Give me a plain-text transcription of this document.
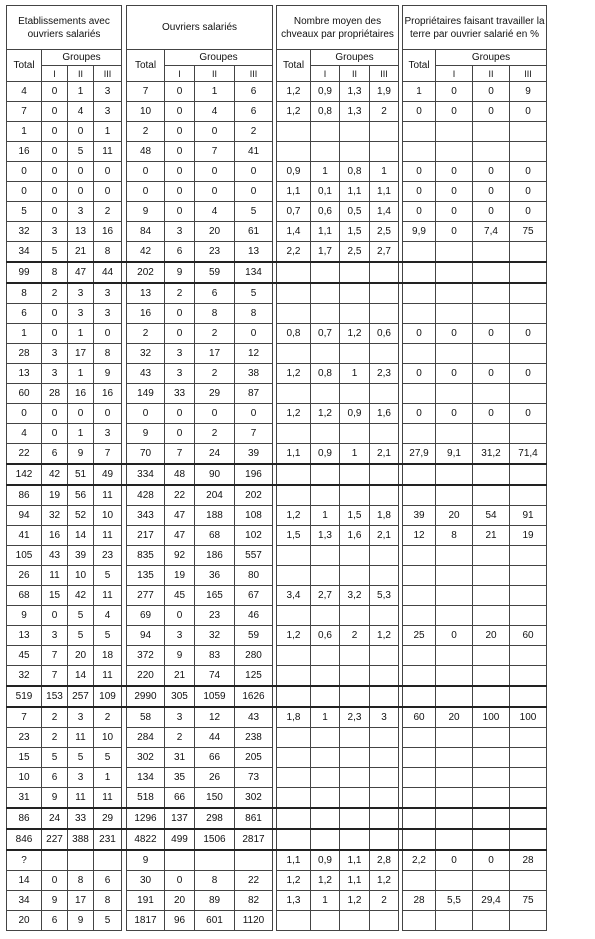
Etablissements avec ouvriers salariés					Ouvriers salariés					Nombre moyen des chveaux par propriétaires					Propriétaires faisant travailler la terre par ouvrier salarié en %			
Total	Groupes				Total	Groupes				Total	Groupes				Total	Groupes		
	I	II	III			I	II	III			I	II	III			I	II	III
4	0	1	3		7	0	1	6		1,2	0,9	1,3	1,9		1	0	0	9
7	0	4	3		10	0	4	6		1,2	0,8	1,3	2		0	0	0	0
1	0	0	1		2	0	0	2										
16	0	5	11		48	0	7	41										
0	0	0	0		0	0	0	0		0,9	1	0,8	1		0	0	0	0
0	0	0	0		0	0	0	0		1,1	0,1	1,1	1,1		0	0	0	0
5	0	3	2		9	0	4	5		0,7	0,6	0,5	1,4		0	0	0	0
32	3	13	16		84	3	20	61		1,4	1,1	1,5	2,5		9,9	0	7,4	75
34	5	21	8		42	6	23	13		2,2	1,7	2,5	2,7					
99	8	47	44		202	9	59	134										
8	2	3	3		13	2	6	5										
6	0	3	3		16	0	8	8										
1	0	1	0		2	0	2	0		0,8	0,7	1,2	0,6		0	0	0	0
28	3	17	8		32	3	17	12										
13	3	1	9		43	3	2	38		1,2	0,8	1	2,3		0	0	0	0
60	28	16	16		149	33	29	87										
0	0	0	0		0	0	0	0		1,2	1,2	0,9	1,6		0	0	0	0
4	0	1	3		9	0	2	7										
22	6	9	7		70	7	24	39		1,1	0,9	1	2,1		27,9	9,1	31,2	71,4
142	42	51	49		334	48	90	196										
86	19	56	11		428	22	204	202										
94	32	52	10		343	47	188	108		1,2	1	1,5	1,8		39	20	54	91
41	16	14	11		217	47	68	102		1,5	1,3	1,6	2,1		12	8	21	19
105	43	39	23		835	92	186	557										
26	11	10	5		135	19	36	80										
68	15	42	11		277	45	165	67		3,4	2,7	3,2	5,3					
9	0	5	4		69	0	23	46										
13	3	5	5		94	3	32	59		1,2	0,6	2	1,2		25	0	20	60
45	7	20	18		372	9	83	280										
32	7	14	11		220	21	74	125										
519	153	257	109		2990	305	1059	1626										
7	2	3	2		58	3	12	43		1,8	1	2,3	3		60	20	100	100
23	2	11	10		284	2	44	238										
15	5	5	5		302	31	66	205										
10	6	3	1		134	35	26	73										
31	9	11	11		518	66	150	302										
86	24	33	29		1296	137	298	861										
846	227	388	231		4822	499	1506	2817										
?					9					1,1	0,9	1,1	2,8		2,2	0	0	28
14	0	8	6		30	0	8	22		1,2	1,2	1,1	1,2					
34	9	17	8		191	20	89	82		1,3	1	1,2	2		28	5,5	29,4	75
20	6	9	5		1817	96	601	1120										
